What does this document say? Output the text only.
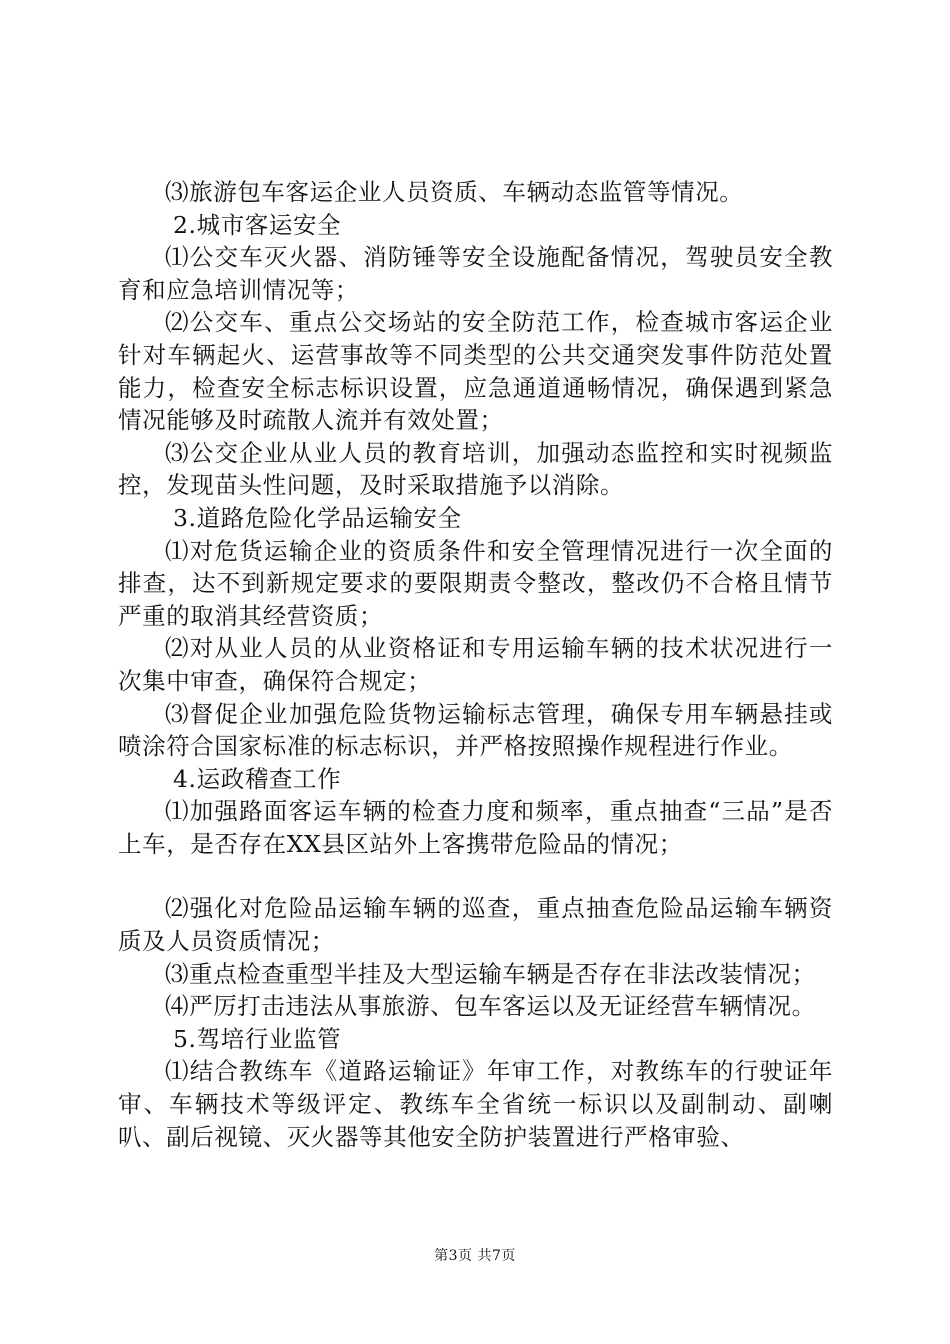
⑶旅游包车客运企业人员资质、车辆动态监管等情况。

2.城市客运安全

⑴公交车灭火器、消防锤等安全设施配备情况，驾驶员安全教育和应急培训情况等；

⑵公交车、重点公交场站的安全防范工作，检查城市客运企业针对车辆起火、运营事故等不同类型的公共交通突发事件防范处置能力，检查安全标志标识设置，应急通道通畅情况，确保遇到紧急情况能够及时疏散人流并有效处置；

⑶公交企业从业人员的教育培训，加强动态监控和实时视频监控，发现苗头性问题，及时采取措施予以消除。

3.道路危险化学品运输安全

⑴对危货运输企业的资质条件和安全管理情况进行一次全面的排查，达不到新规定要求的要限期责令整改，整改仍不合格且情节严重的取消其经营资质；

⑵对从业人员的从业资格证和专用运输车辆的技术状况进行一次集中审查，确保符合规定；

⑶督促企业加强危险货物运输标志管理，确保专用车辆悬挂或喷涂符合国家标准的标志标识，并严格按照操作规程进行作业。

4.运政稽查工作

⑴加强路面客运车辆的检查力度和频率，重点抽查“三品”是否上车，是否存在XX县区站外上客携带危险品的情况；

⑵强化对危险品运输车辆的巡查，重点抽查危险品运输车辆资质及人员资质情况；

⑶重点检查重型半挂及大型运输车辆是否存在非法改装情况；

⑷严厉打击违法从事旅游、包车客运以及无证经营车辆情况。

5.驾培行业监管

⑴结合教练车《道路运输证》年审工作，对教练车的行驶证年审、车辆技术等级评定、教练车全省统一标识以及副制动、副喇叭、副后视镜、灭火器等其他安全防护装置进行严格审验、

第3页 共7页
